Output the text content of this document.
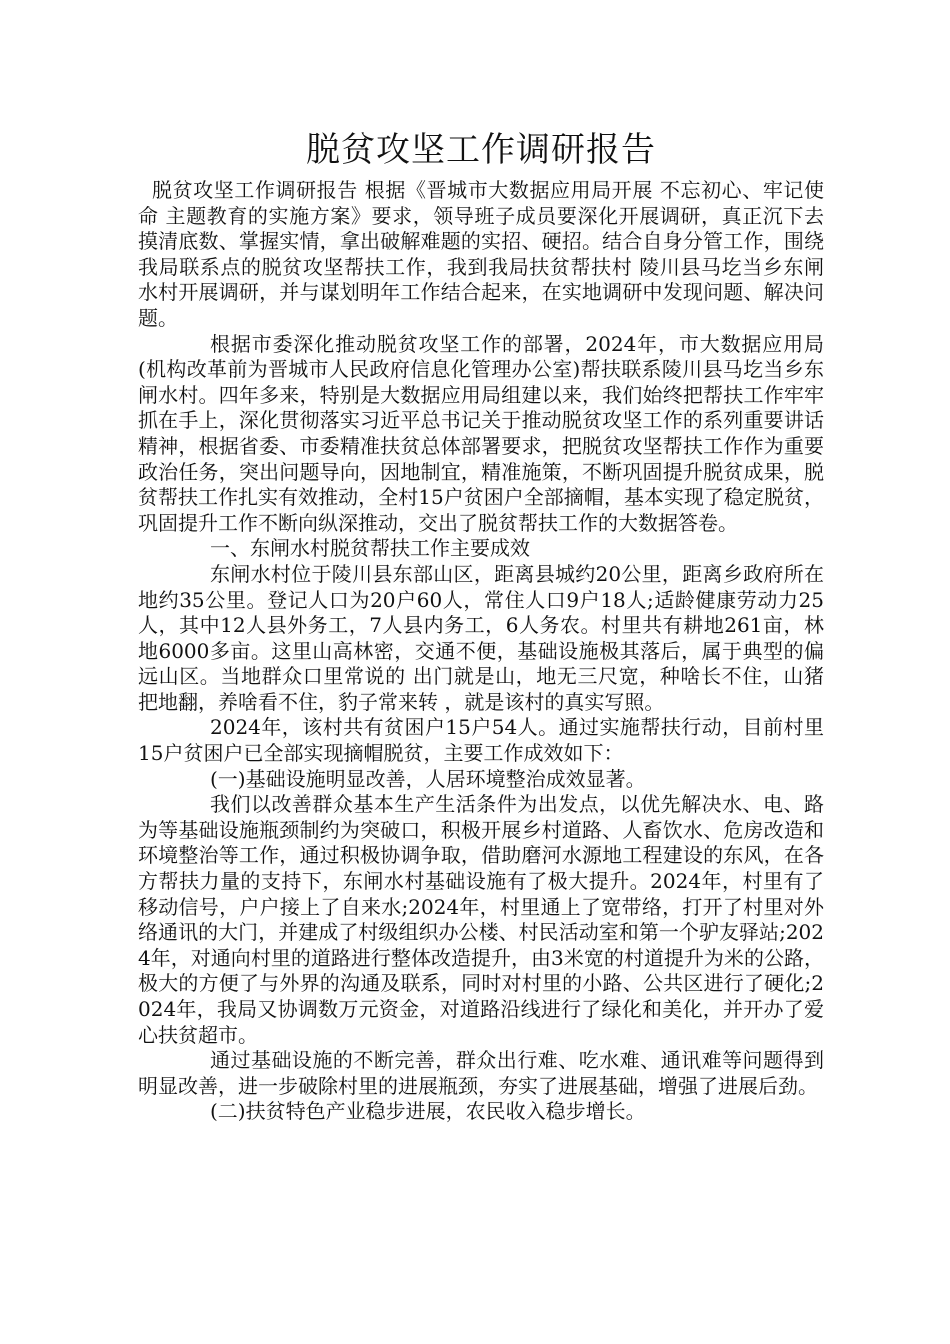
脱贫攻坚工作调研报告

脱贫攻坚工作调研报告 根据《晋城市大数据应用局开展 不忘初心、牢记使命 主题教育的实施方案》要求，领导班子成员要深化开展调研，真正沉下去摸清底数、掌握实情，拿出破解难题的实招、硬招。结合自身分管工作，围绕我局联系点的脱贫攻坚帮扶工作，我到我局扶贫帮扶村 陵川县马圪当乡东闸水村开展调研，并与谋划明年工作结合起来，在实地调研中发现问题、解决问题。

根据市委深化推动脱贫攻坚工作的部署，2024年，市大数据应用局(机构改革前为晋城市人民政府信息化管理办公室)帮扶联系陵川县马圪当乡东闸水村。四年多来，特别是大数据应用局组建以来，我们始终把帮扶工作牢牢抓在手上，深化贯彻落实习近平总书记关于推动脱贫攻坚工作的系列重要讲话精神，根据省委、市委精准扶贫总体部署要求，把脱贫攻坚帮扶工作作为重要政治任务，突出问题导向，因地制宜，精准施策，不断巩固提升脱贫成果，脱贫帮扶工作扎实有效推动，全村15户贫困户全部摘帽，基本实现了稳定脱贫，巩固提升工作不断向纵深推动，交出了脱贫帮扶工作的大数据答卷。

一、东闸水村脱贫帮扶工作主要成效

东闸水村位于陵川县东部山区，距离县城约20公里，距离乡政府所在地约35公里。登记人口为20户60人，常住人口9户18人;适龄健康劳动力25人，其中12人县外务工，7人县内务工，6人务农。村里共有耕地261亩，林地6000多亩。这里山高林密，交通不便，基础设施极其落后，属于典型的偏远山区。当地群众口里常说的 出门就是山，地无三尺宽，种啥长不住，山猪把地翻，养啥看不住，豹子常来转 ，就是该村的真实写照。

2024年，该村共有贫困户15户54人。通过实施帮扶行动，目前村里15户贫困户已全部实现摘帽脱贫，主要工作成效如下：

(一)基础设施明显改善，人居环境整治成效显著。

我们以改善群众基本生产生活条件为出发点，以优先解决水、电、路为等基础设施瓶颈制约为突破口，积极开展乡村道路、人畜饮水、危房改造和环境整治等工作，通过积极协调争取，借助磨河水源地工程建设的东风，在各方帮扶力量的支持下，东闸水村基础设施有了极大提升。2024年，村里有了移动信号，户户接上了自来水;2024年，村里通上了宽带络，打开了村里对外络通讯的大门，并建成了村级组织办公楼、村民活动室和第一个驴友驿站;2024年，对通向村里的道路进行整体改造提升，由3米宽的村道提升为米的公路，极大的方便了与外界的沟通及联系，同时对村里的小路、公共区进行了硬化;2024年，我局又协调数万元资金，对道路沿线进行了绿化和美化，并开办了爱心扶贫超市。

通过基础设施的不断完善，群众出行难、吃水难、通讯难等问题得到明显改善，进一步破除村里的进展瓶颈，夯实了进展基础，增强了进展后劲。

(二)扶贫特色产业稳步进展，农民收入稳步增长。
